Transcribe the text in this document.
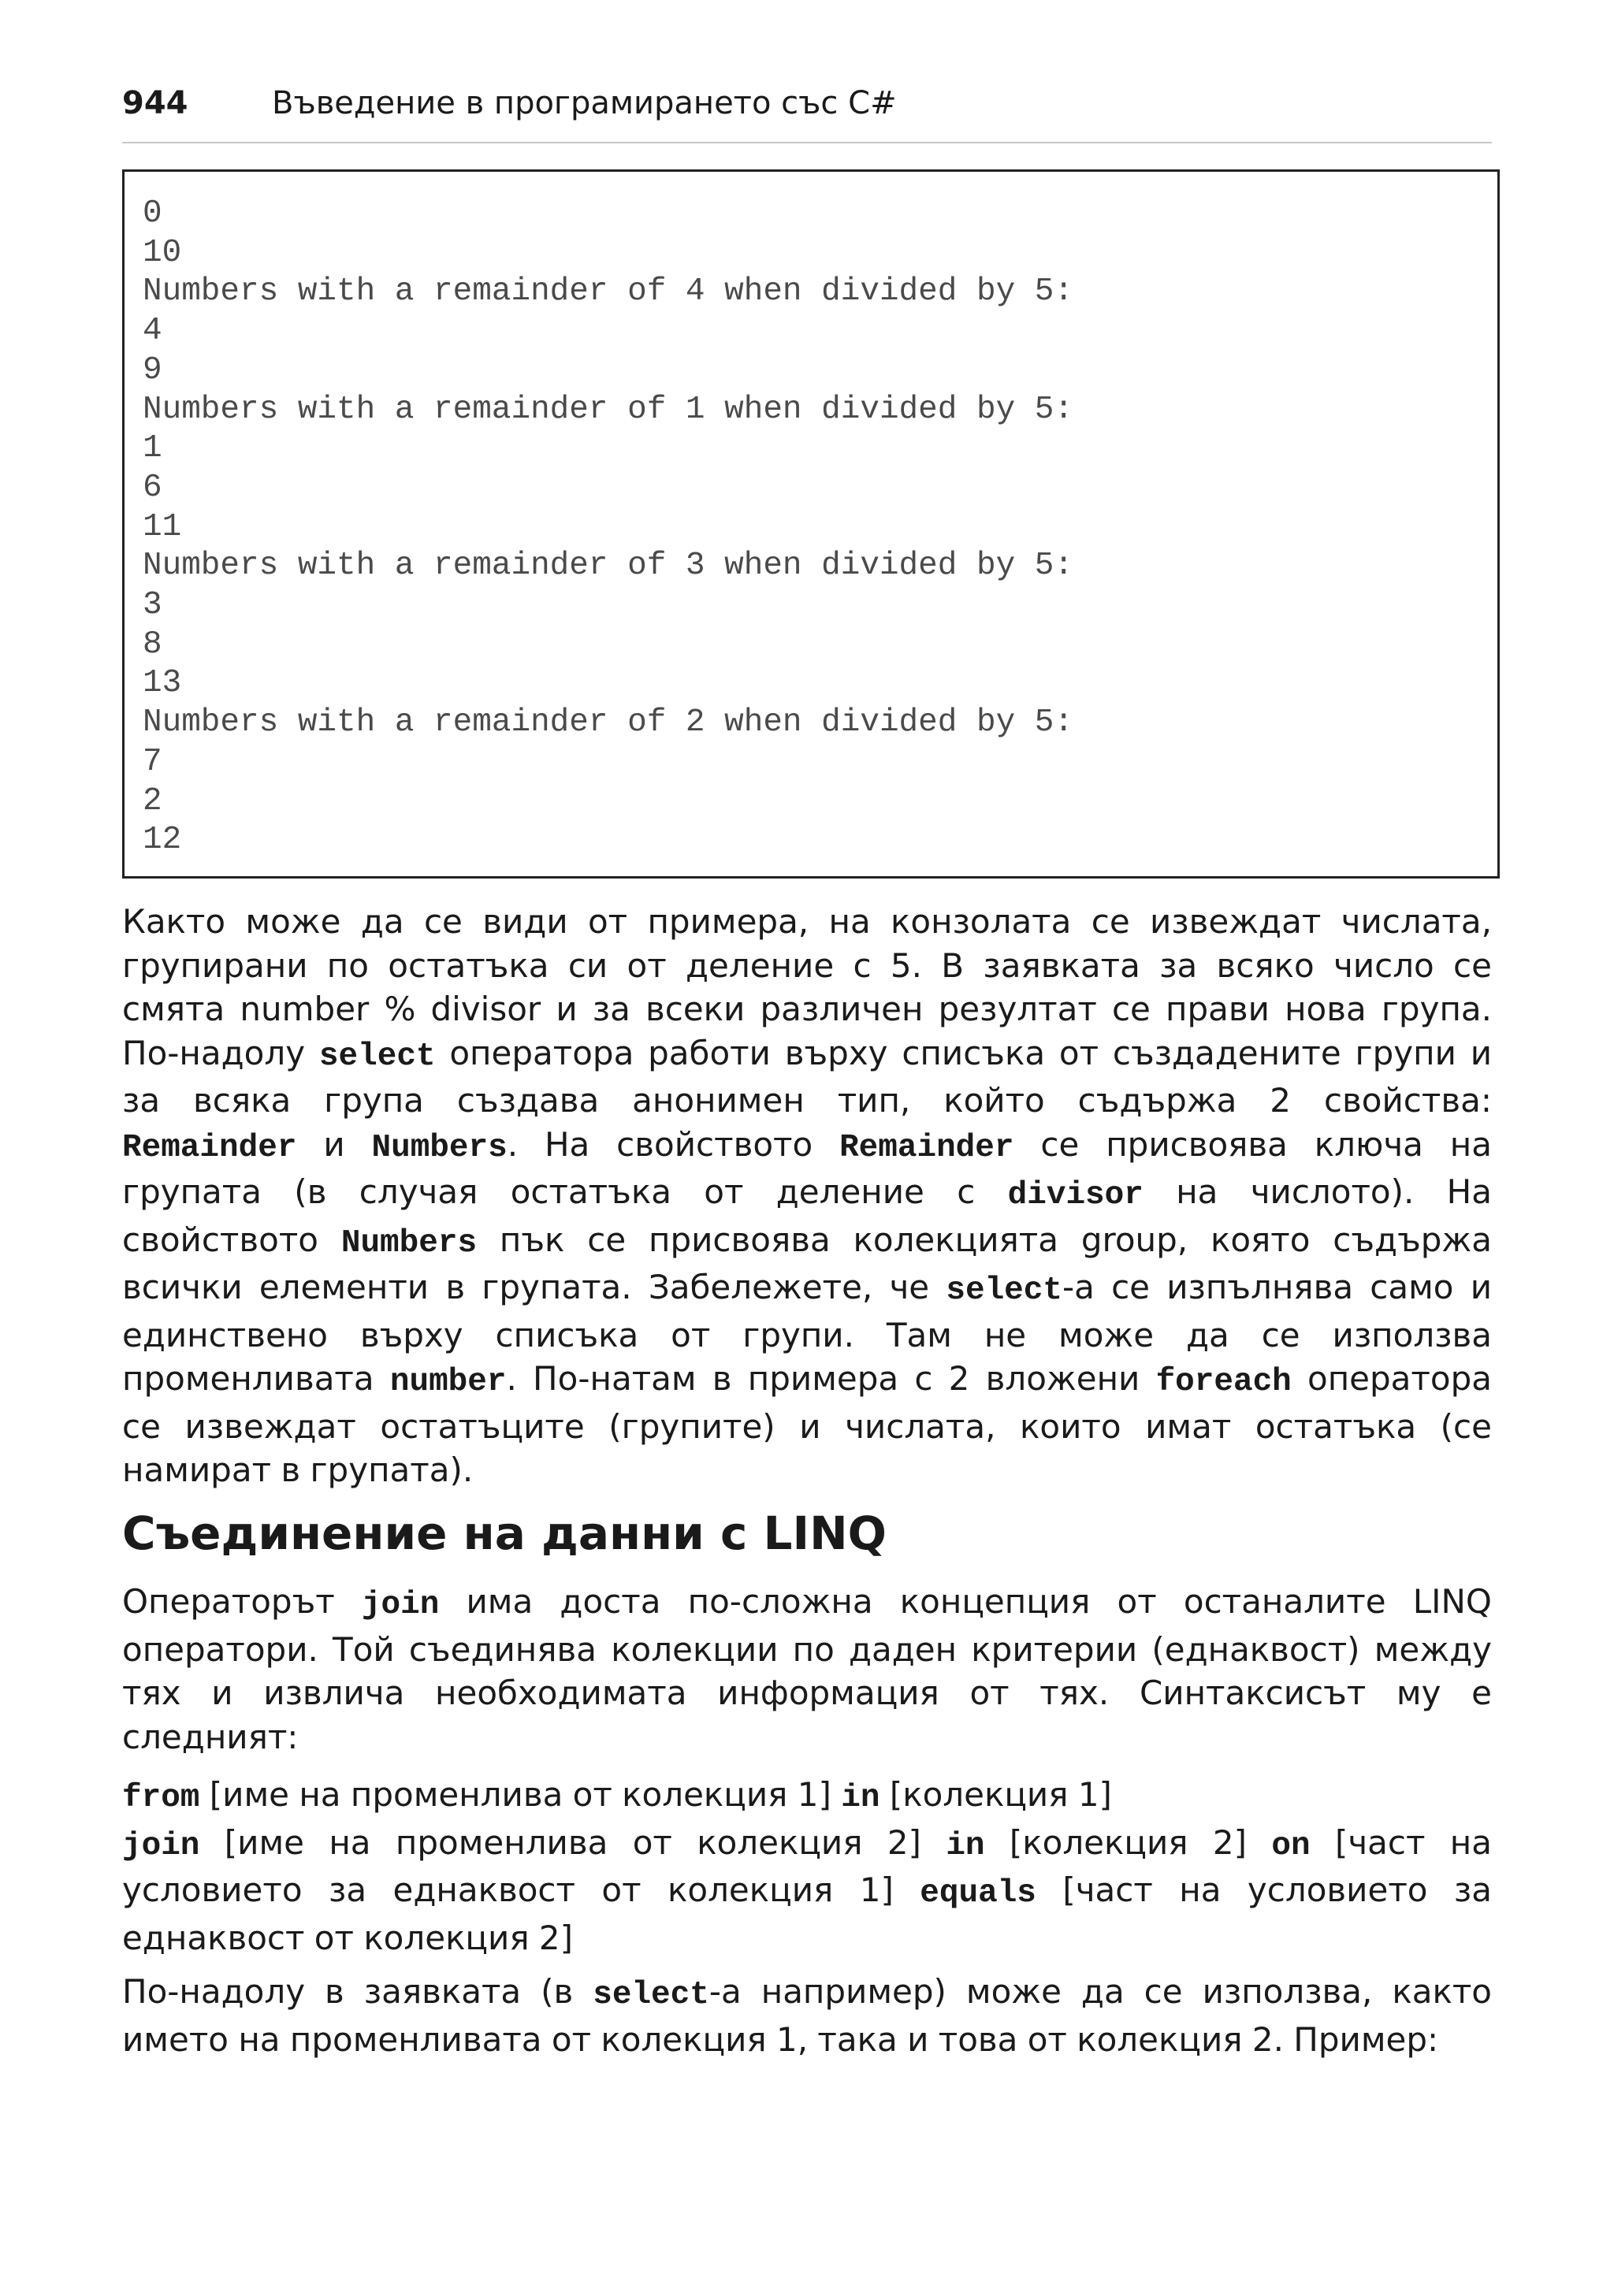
944	Въведение в програмирането със C#
0
10
Numbers with a remainder of 4 when divided by 5:
4
9
Numbers with a remainder of 1 when divided by 5:
1
6
11
Numbers with a remainder of 3 when divided by 5:
3
8
13
Numbers with a remainder of 2 when divided by 5:
7
2
12
Както може да се види от примера, на конзолата се извеждат числата,
групирани по остатъка си от деление с 5. В заявката за всяко число се
смята number % divisor и за всеки различен резултат се прави нова група.
По-надолу select оператора работи върху списъка от създадените групи и
за всяка група създава анонимен тип, който съдържа 2 свойства:
Remainder и Numbers. На свойството Remainder се присвоява ключа на
групата (в случая остатъка от деление с divisor на числото). На
свойството Numbers пък се присвоява колекцията group, която съдържа
всички елементи в групата. Забележете, че select-а се изпълнява само и
единствено върху списъка от групи. Там не може да се използва
променливата number. По-натам в примера с 2 вложени foreach оператора
се извеждат остатъците (групите) и числата, които имат остатъка (се
намират в групата).
Съединение на данни с LINQ
Операторът join има доста по-сложна концепция от останалите LINQ
оператори. Той съединява колекции по даден критерии (еднаквост) между
тях и извлича необходимата информация от тях. Синтаксисът му е
следният:
from [име на променлива от колекция 1] in [колекция 1]
join [име на променлива от колекция 2] in [колекция 2] on [част на
условието за еднаквост от колекция 1] equals [част на условието за
еднаквост от колекция 2]
По-надолу в заявката (в select-а например) може да се използва, както
името на променливата от колекция 1, така и това от колекция 2. Пример:
